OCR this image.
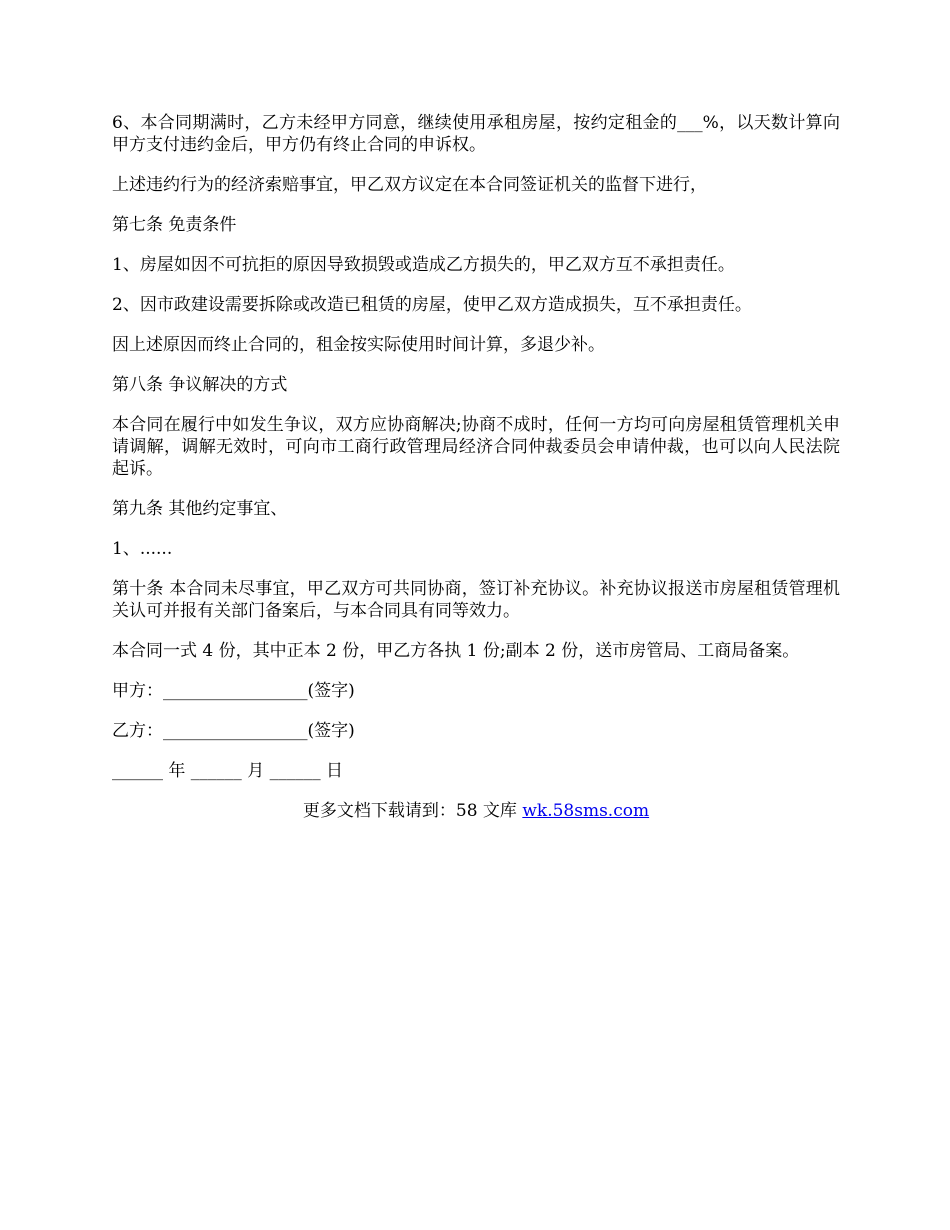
6、本合同期满时，乙方未经甲方同意，继续使用承租房屋，按约定租金的___%，以天数计算向甲方支付违约金后，甲方仍有终止合同的申诉权。

上述违约行为的经济索赔事宜，甲乙双方议定在本合同签证机关的监督下进行，

第七条 免责条件

1、房屋如因不可抗拒的原因导致损毁或造成乙方损失的，甲乙双方互不承担责任。

2、因市政建设需要拆除或改造已租赁的房屋，使甲乙双方造成损失，互不承担责任。

因上述原因而终止合同的，租金按实际使用时间计算，多退少补。

第八条 争议解决的方式

本合同在履行中如发生争议，双方应协商解决;协商不成时，任何一方均可向房屋租赁管理机关申请调解，调解无效时，可向市工商行政管理局经济合同仲裁委员会申请仲裁，也可以向人民法院起诉。

第九条 其他约定事宜、

1、......

第十条 本合同未尽事宜，甲乙双方可共同协商，签订补充协议。补充协议报送市房屋租赁管理机关认可并报有关部门备案后，与本合同具有同等效力。

本合同一式 4 份，其中正本 2 份，甲乙方各执 1 份;副本 2 份，送市房管局、工商局备案。

甲方：_________________(签字)

乙方：_________________(签字)

______ 年 ______ 月 ______ 日

更多文档下载请到：58 文库 wk.58sms.com
